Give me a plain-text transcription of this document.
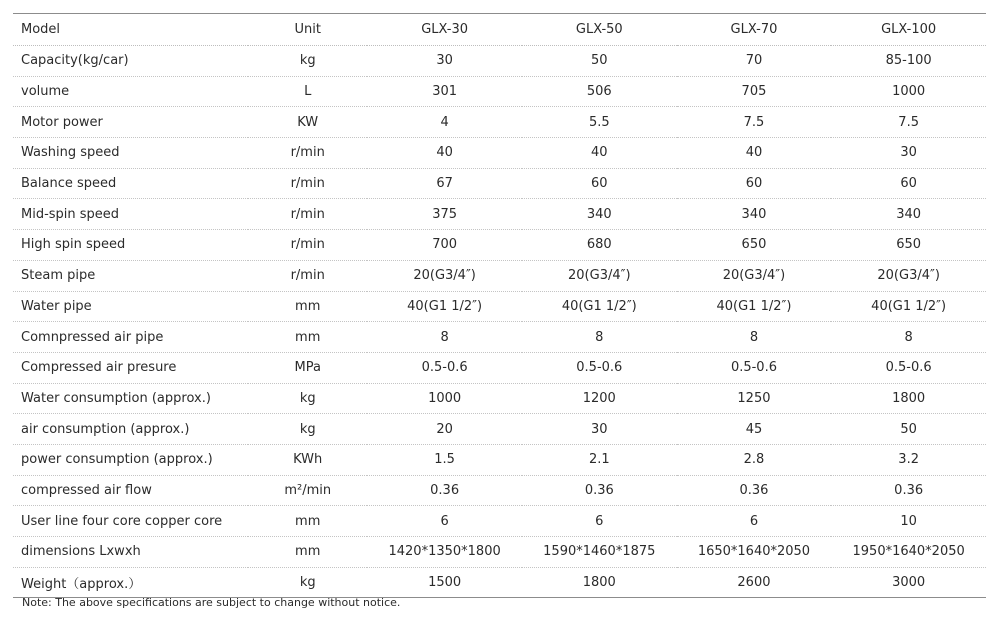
Model	Unit	GLX-30	GLX-50	GLX-70	GLX-100
Capacity(kg/car)	kg	30	50	70	85-100
volume	L	301	506	705	1000
Motor power	KW	4	5.5	7.5	7.5
Washing speed	r/min	40	40	40	30
Balance speed	r/min	67	60	60	60
Mid-spin speed	r/min	375	340	340	340
High spin speed	r/min	700	680	650	650
Steam pipe	r/min	20(G3/4″)	20(G3/4″)	20(G3/4″)	20(G3/4″)
Water pipe	mm	40(G1 1/2″)	40(G1 1/2″)	40(G1 1/2″)	40(G1 1/2″)
Comnpressed air pipe	mm	8	8	8	8
Compressed air presure	MPa	0.5-0.6	0.5-0.6	0.5-0.6	0.5-0.6
Water consumption (approx.)	kg	1000	1200	1250	1800
air consumption (approx.)	kg	20	30	45	50
power consumption (approx.)	KWh	1.5	2.1	2.8	3.2
compressed air flow	m²/min	0.36	0.36	0.36	0.36
User line four core copper core	mm	6	6	6	10
dimensions Lxwxh	mm	1420*1350*1800	1590*1460*1875	1650*1640*2050	1950*1640*2050
Weight（approx.）	kg	1500	1800	2600	3000
Note: The above specifications are subject to change without notice.
